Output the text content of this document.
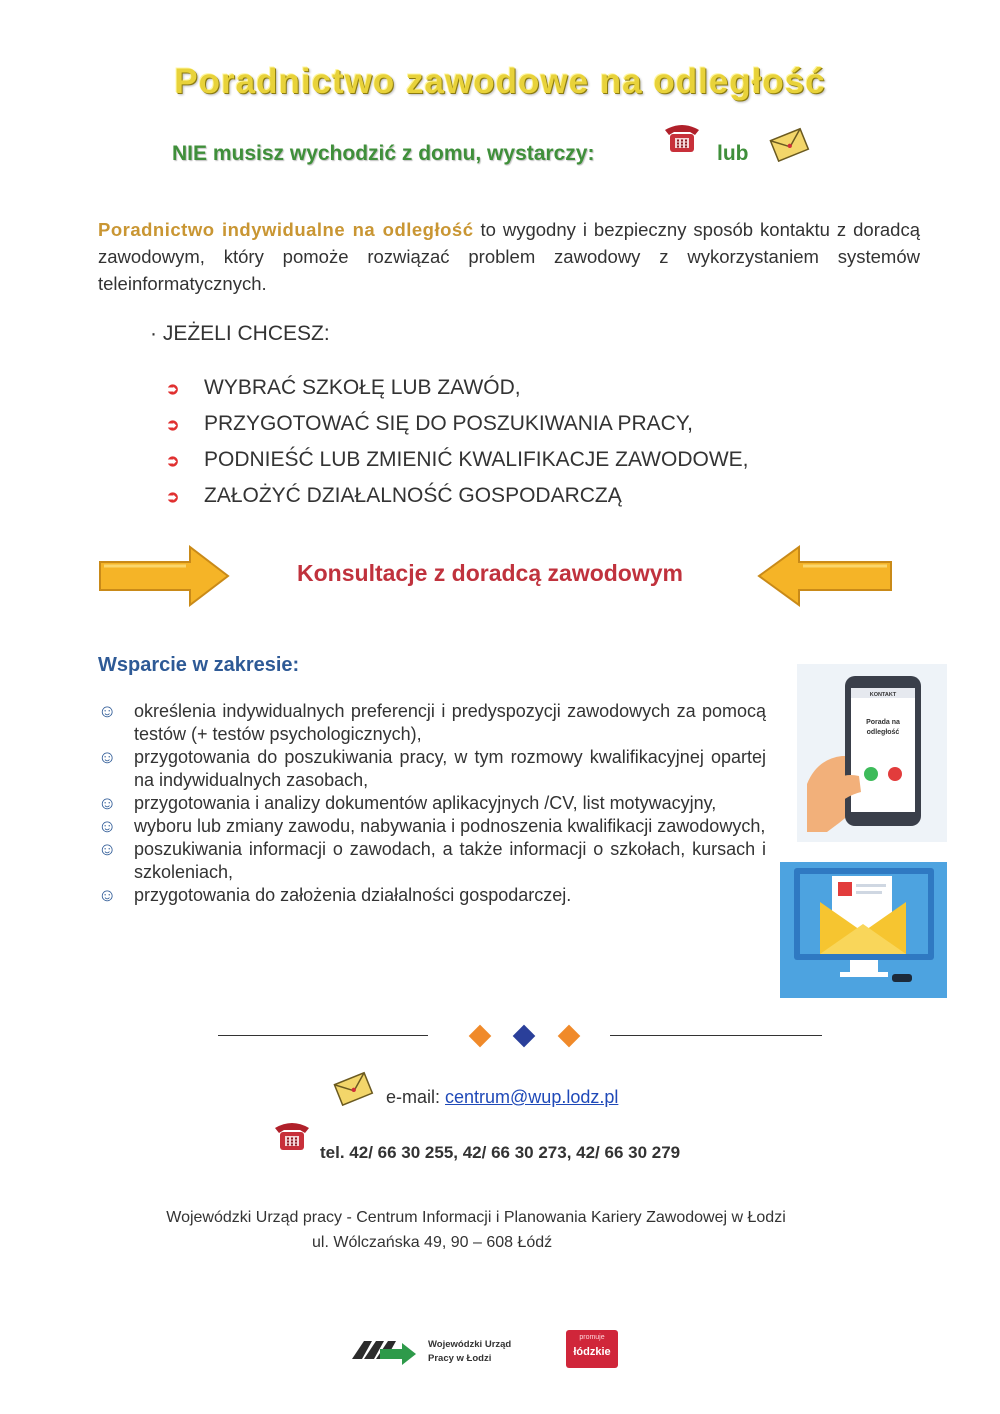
Poradnictwo zawodowe na odległość
NIE musisz wychodzić z domu, wystarczy:	lub
Poradnictwo indywidualne na odległość to wygodny i bezpieczny sposób kontaktu z doradcą zawodowym, który pomoże rozwiązać problem zawodowy z wykorzystaniem systemów teleinformatycznych.
· JEŻELI CHCESZ:
➲ WYBRAĆ SZKOŁĘ LUB ZAWÓD,
➲ PRZYGOTOWAĆ SIĘ DO POSZUKIWANIA PRACY,
➲ PODNIEŚĆ LUB ZMIENIĆ KWALIFIKACJE ZAWODOWE,
➲ ZAŁOŻYĆ DZIAŁALNOŚĆ GOSPODARCZĄ
Konsultacje z doradcą zawodowym
Wsparcie w zakresie:
☺ określenia indywidualnych preferencji i predyspozycji zawodowych za pomocą testów (+ testów psychologicznych),
☺ przygotowania do poszukiwania pracy, w tym rozmowy kwalifikacyjnej opartej na indywidualnych zasobach,
☺ przygotowania i analizy dokumentów aplikacyjnych /CV, list motywacyjny,
☺ wyboru lub zmiany zawodu, nabywania i podnoszenia kwalifikacji zawodowych,
☺ poszukiwania informacji o zawodach, a także informacji o szkołach, kursach i szkoleniach,
☺ przygotowania do założenia działalności gospodarczej.
KONTAKT
Porada na
odległość
e-mail: centrum@wup.lodz.pl
tel. 42/ 66 30 255, 42/ 66 30 273, 42/ 66 30 279
Wojewódzki Urząd pracy - Centrum Informacji i Planowania Kariery Zawodowej w Łodzi
ul. Wólczańska 49, 90 – 608 Łódź
Wojewódzki Urząd
Pracy w Łodzi
promuje
łódzkie
